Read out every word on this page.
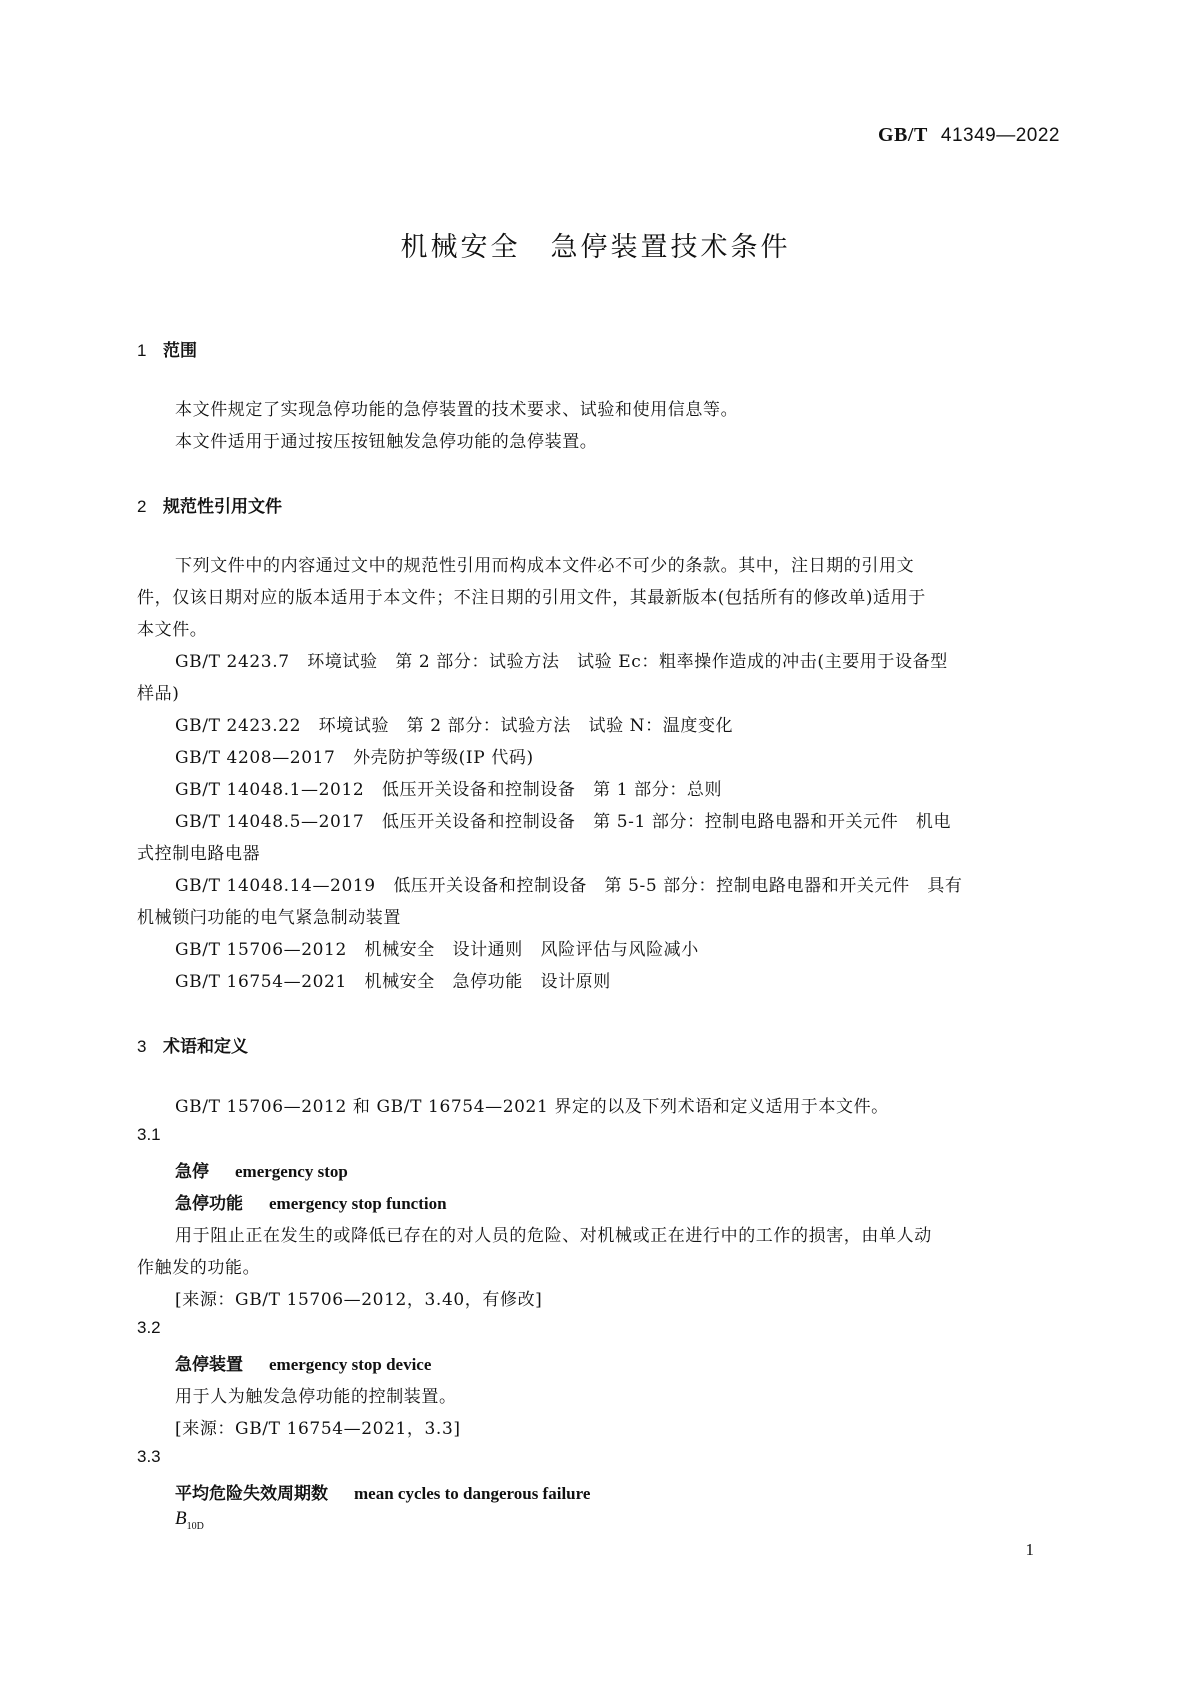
GB/T 41349—2022
机械安全　急停装置技术条件
1 范围
本文件规定了实现急停功能的急停装置的技术要求、试验和使用信息等。
本文件适用于通过按压按钮触发急停功能的急停装置。
2 规范性引用文件
下列文件中的内容通过文中的规范性引用而构成本文件必不可少的条款。其中，注日期的引用文
件，仅该日期对应的版本适用于本文件；不注日期的引用文件，其最新版本(包括所有的修改单)适用于
本文件。
GB/T 2423.7　环境试验　第 2 部分：试验方法　试验 Ec：粗率操作造成的冲击(主要用于设备型
样品)
GB/T 2423.22　环境试验　第 2 部分：试验方法　试验 N：温度变化
GB/T 4208—2017　外壳防护等级(IP 代码)
GB/T 14048.1—2012　低压开关设备和控制设备　第 1 部分：总则
GB/T 14048.5—2017　低压开关设备和控制设备　第 5-1 部分：控制电路电器和开关元件　机电
式控制电路电器
GB/T 14048.14—2019　低压开关设备和控制设备　第 5-5 部分：控制电路电器和开关元件　具有
机械锁闩功能的电气紧急制动装置
GB/T 15706—2012　机械安全　设计通则　风险评估与风险减小
GB/T 16754—2021　机械安全　急停功能　设计原则
3 术语和定义
GB/T 15706—2012 和 GB/T 16754—2021 界定的以及下列术语和定义适用于本文件。
3.1
急停 emergency stop
急停功能 emergency stop function
用于阻止正在发生的或降低已存在的对人员的危险、对机械或正在进行中的工作的损害，由单人动
作触发的功能。
[来源：GB/T 15706—2012，3.40，有修改]
3.2
急停装置 emergency stop device
用于人为触发急停功能的控制装置。
[来源：GB/T 16754—2021，3.3]
3.3
平均危险失效周期数 mean cycles to dangerous failure
$B_{10D}$
1
